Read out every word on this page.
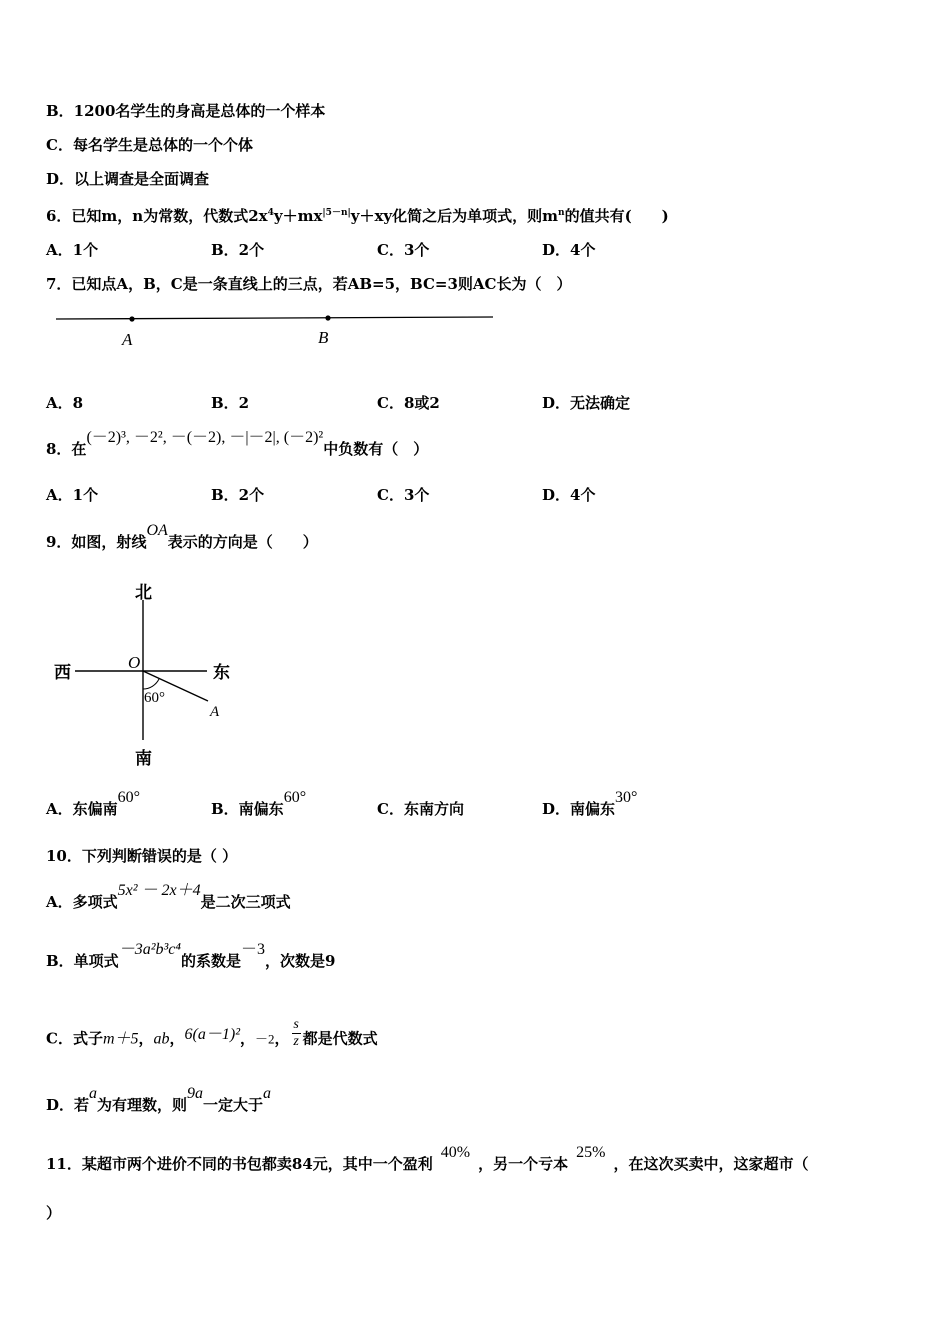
B．1200名学生的身高是总体的一个样本
C．每名学生是总体的一个个体
D．以上调查是全面调查
6．已知m，n为常数，代数式$2x^4y+mx^{|5-n|}y+xy$化简之后为单项式，则$m^n$的值共有(　　)
A．1个	B．2个	C．3个	D．4个
7．已知点A，B，C是一条直线上的三点，若AB=5，BC=3则AC长为（　）
A	B
A．8	B．2	C．8或2	D．无法确定
8．在(－2)³, －2², －(－2), －|－2|, (－2)²中负数有（　）
A．1个	B．2个	C．3个	D．4个
9．如图，射线OA表示的方向是（　　）
北
南
西	东
O
60°
A
A．东偏南60°
B．南偏东60°
C．东南方向	D．南偏东30°
10．下列判断错误的是（ ）
A．多项式5x² － 2x＋4是二次三项式
B．单项式－3a²b³c⁴的系数是－3，次数是9
C．式子m＋5，ab，6(a－1)²，－2， $\frac{s}{z}$ 都是代数式
D．若a为有理数，则9a一定大于a
11．某超市两个进价不同的书包都卖84元，其中一个盈利40%，另一个亏本25%，在这次买卖中，这家超市（
）
